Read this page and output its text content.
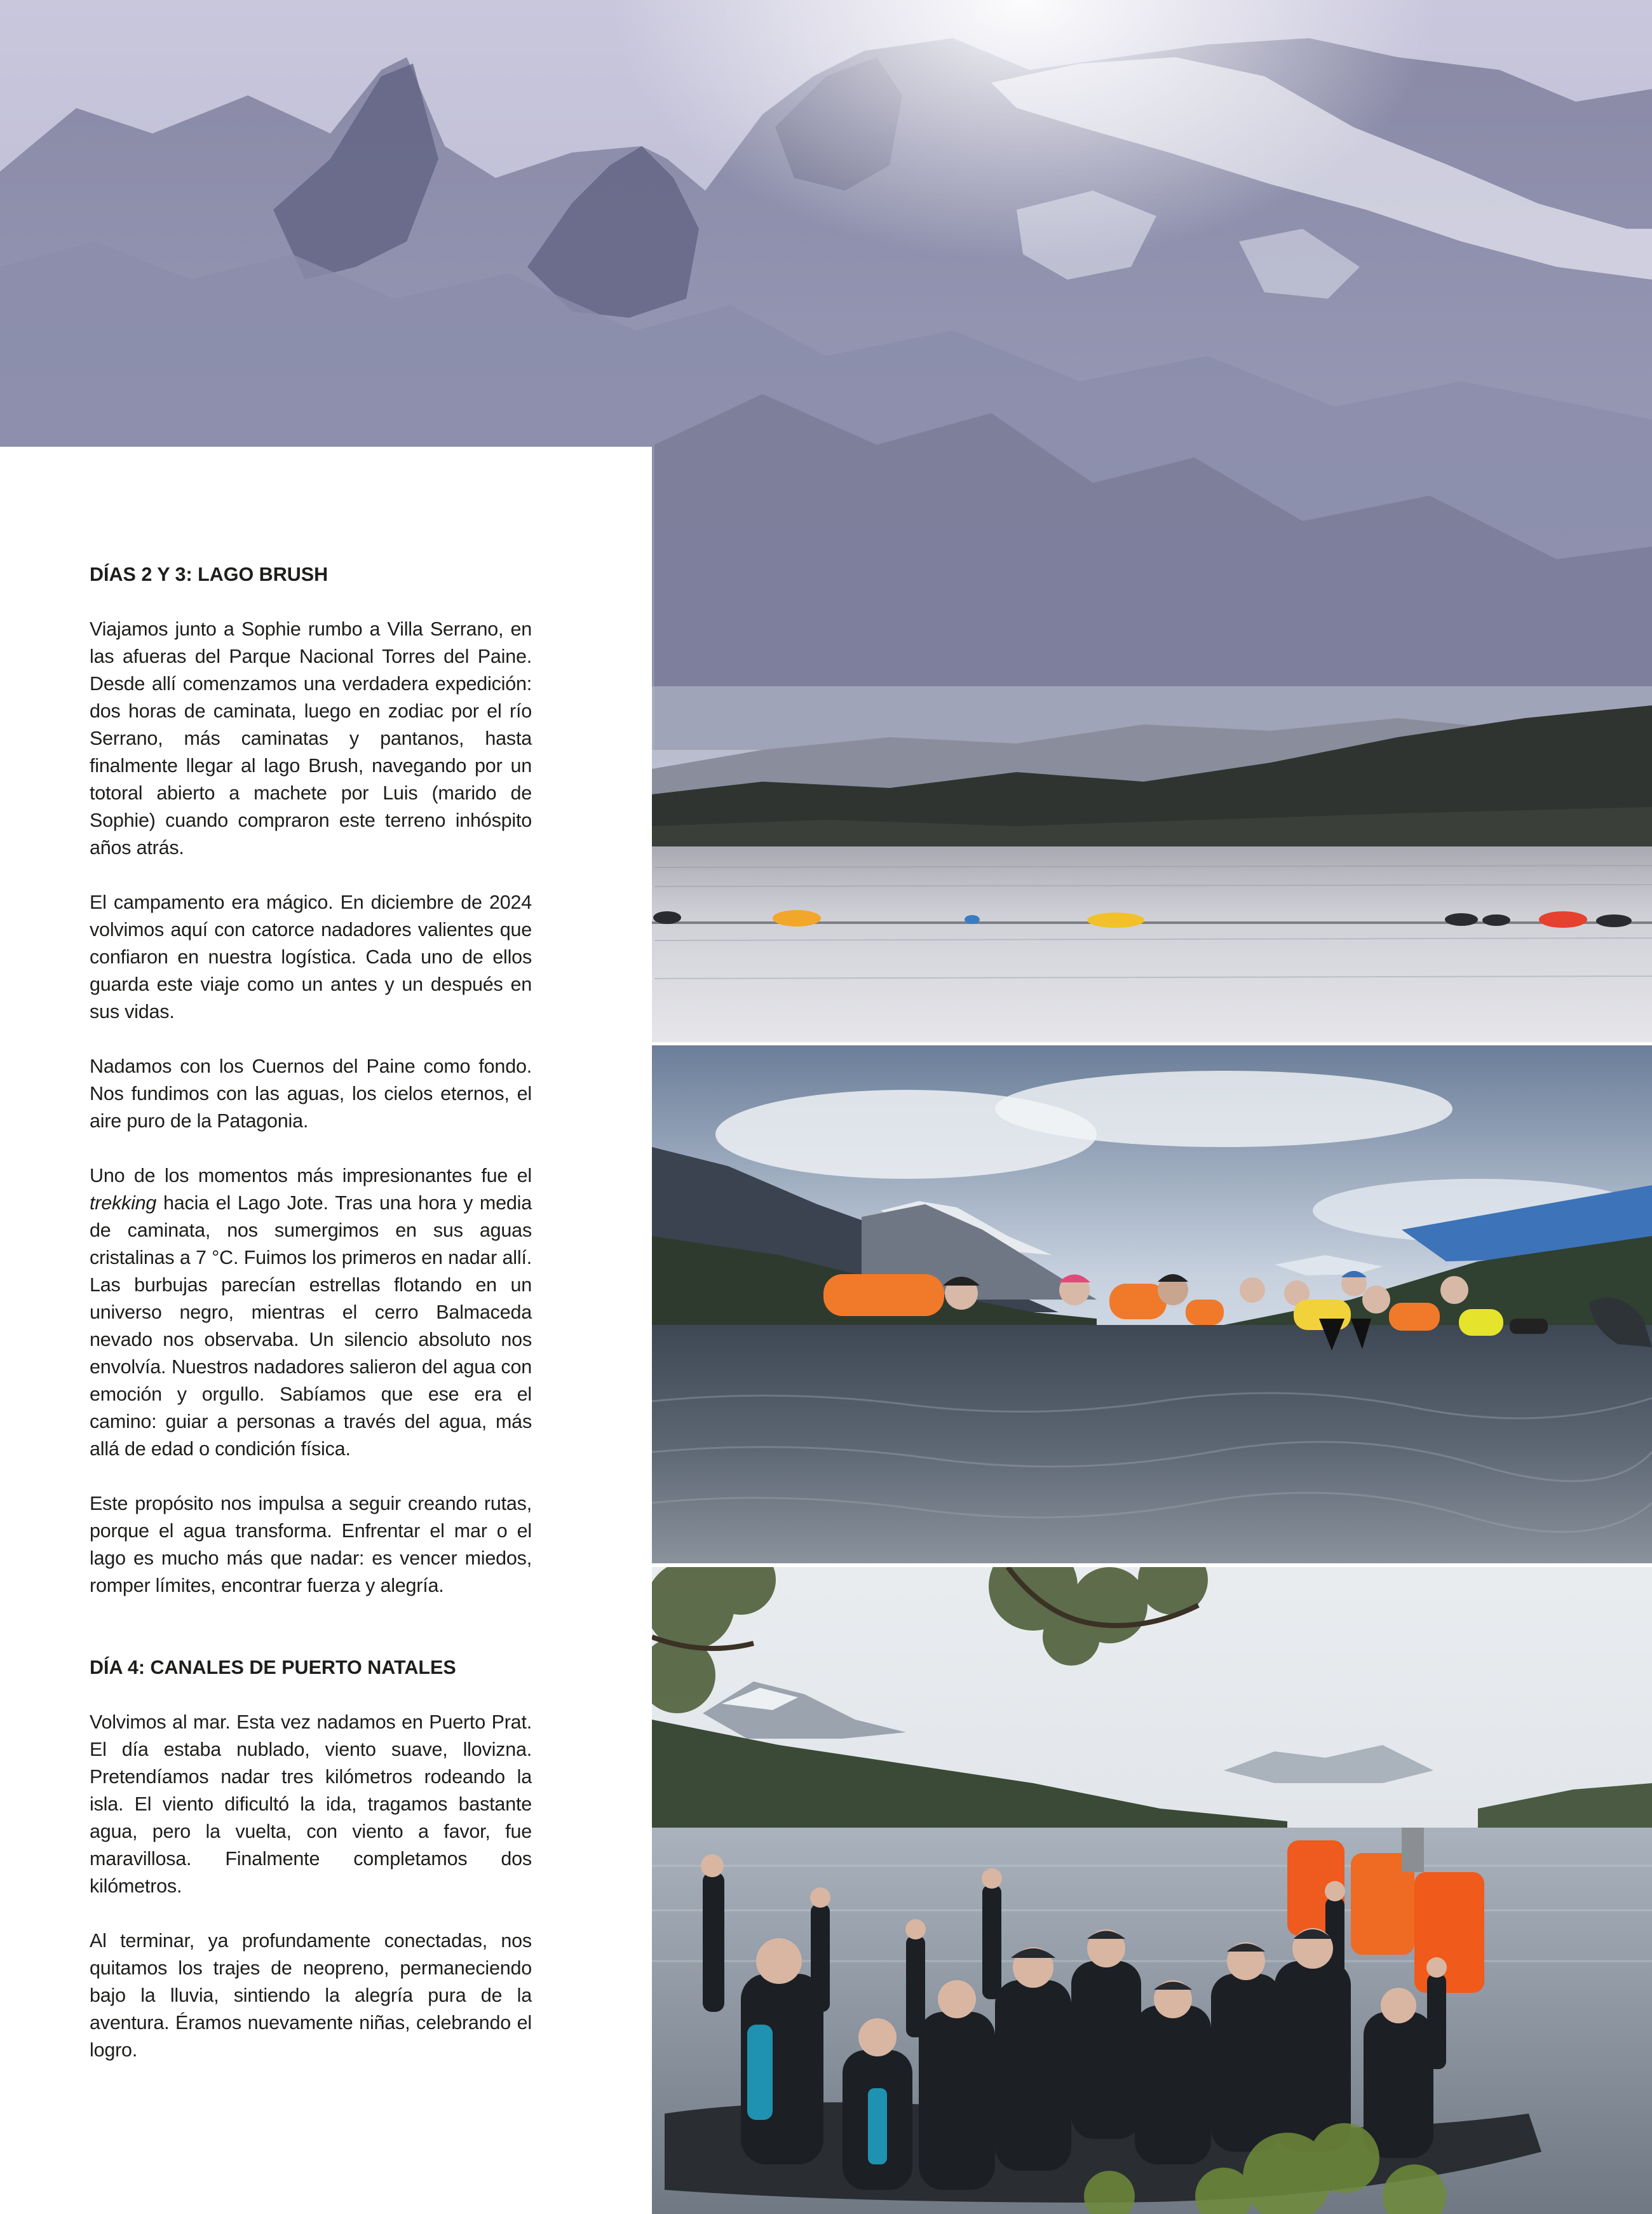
DÍAS 2 Y 3: LAGO BRUSH

Viajamos junto a Sophie rumbo a Villa Serrano, en las afueras del Parque Nacional Torres del Paine. Desde allí comenzamos una verdadera expedición: dos horas de caminata, luego en zodiac por el río Serrano, más caminatas y pantanos, hasta finalmente llegar al lago Brush, navegando por un totoral abierto a machete por Luis (marido de Sophie) cuando compraron este terreno inhóspito años atrás.

El campamento era mágico. En diciembre de 2024 volvimos aquí con catorce nadadores valientes que confiaron en nuestra logística. Cada uno de ellos guarda este viaje como un antes y un después en sus vidas.

Nadamos con los Cuernos del Paine como fondo. Nos fundimos con las aguas, los cielos eternos, el aire puro de la Patagonia.

Uno de los momentos más impresionantes fue el trekking hacia el Lago Jote. Tras una hora y media de caminata, nos sumergimos en sus aguas cristalinas a 7 °C. Fuimos los primeros en nadar allí. Las burbujas parecían estrellas flotando en un universo negro, mientras el cerro Balmaceda nevado nos observaba. Un silencio absoluto nos envolvía. Nuestros nadadores salieron del agua con emoción y orgullo. Sabíamos que ese era el camino: guiar a personas a través del agua, más allá de edad o condición física.

Este propósito nos impulsa a seguir creando rutas, porque el agua transforma. Enfrentar el mar o el lago es mucho más que nadar: es vencer miedos, romper límites, encontrar fuerza y alegría.

DÍA 4: CANALES DE PUERTO NATALES

Volvimos al mar. Esta vez nadamos en Puerto Prat. El día estaba nublado, viento suave, llovizna. Pretendíamos nadar tres kilómetros rodeando la isla. El viento dificultó la ida, tragamos bastante agua, pero la vuelta, con viento a favor, fue maravillosa. Finalmente completamos dos kilómetros.

Al terminar, ya profundamente conectadas, nos quitamos los trajes de neopreno, permaneciendo bajo la lluvia, sintiendo la alegría pura de la aventura. Éramos nuevamente niñas, celebrando el logro.
